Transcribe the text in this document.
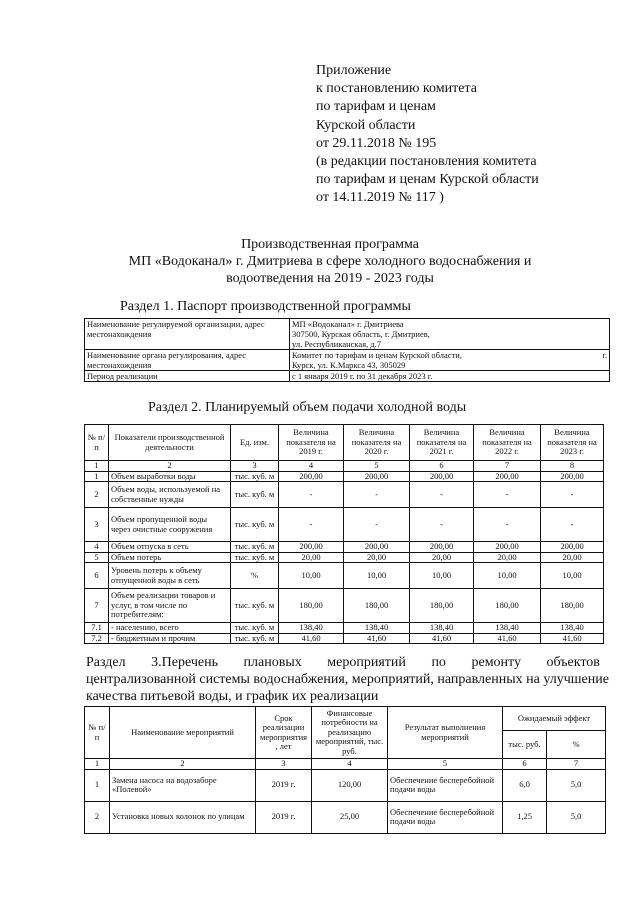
Приложение
к постановлению комитета
по тарифам и ценам
Курской области
от 29.11.2018 № 195
(в редакции постановления комитета
по тарифам и ценам Курской области
от 14.11.2019 № 117 )
Производственная программа
МП «Водоканал» г. Дмитриева в сфере холодного водоснабжения и
водоотведения на 2019 - 2023 годы
Раздел 1. Паспорт производственной программы
Наименование регулируемой организации, адрес местонахождения	МП «Водоканал» г. Дмитриева
307500, Курская область, г. Дмитриев,
ул. Республиканская, д.7

Наименование органа регулирования, адрес местонахождения	Комитет по тарифам и ценам Курской области, г.
Курск, ул. К.Маркса 43, 305029

Период реализации	с 1 января 2019 г. по 31 декабря 2023 г.
Раздел 2. Планируемый объем подачи холодной воды
№ п/п	Показатели производственной деятельности	Ед. изм.	Величина показателя на 2019 г.	Величина показателя на 2020 г.	Величина показателя на 2021 г.	Величина показателя на 2022 г.	Величина показателя на 2023 г.
1	2	3	4	5	6	7	8
1	Объем выработки воды	тыс. куб. м	200,00	200,00	200,00	200,00	200,00
2	Объем воды, используемой на собственные нужды	тыс. куб. м	-	-	-	-	-
3	Объем пропущенной воды через очистные сооружения	тыс. куб. м	-	-	-	-	-
4	Объем отпуска в сеть	тыс. куб. м	200,00	200,00	200,00	200,00	200,00
5	Объем потерь	тыс. куб. м	20,00	20,00	20,00	20,00	20,00
6	Уровень потерь к объему отпущенной воды в сеть	%	10,00	10,00	10,00	10,00	10,00
7	Объем реализации товаров и услуг, в том числе по потребителям:	тыс. куб. м	180,00	180,00	180,00	180,00	180,00
7.1	- населению, всего	тыс. куб. м	138,40	138,40	138,40	138,40	138,40
7.2	- бюджетным и прочим	тыс. куб. м	41,60	41,60	41,60	41,60	41,60
Раздел 3.Перечень плановых мероприятий по ремонту объектов
централизованной системы водоснабжения, мероприятий, направленных на улучшение
качества питьевой воды, и график их реализации
№ п/п	Наименование мероприятий	Срок реализации мероприятия , лет	Финансовые потребности на реализацию мероприятий, тыс. руб.	Результат выполнения мероприятий	Ожидаемый эффект	
					тыс. руб.	%
1	2	3	4	5	6	7
1	Замена насоса на водозаборе «Полевой»	2019 г.	120,00	Обеспечение бесперебойной подачи воды	6,0	5,0
2	Установка новых колонок по улицам	2019 г.	25,00	Обеспечение бесперебойной подачи воды	1,25	5,0
